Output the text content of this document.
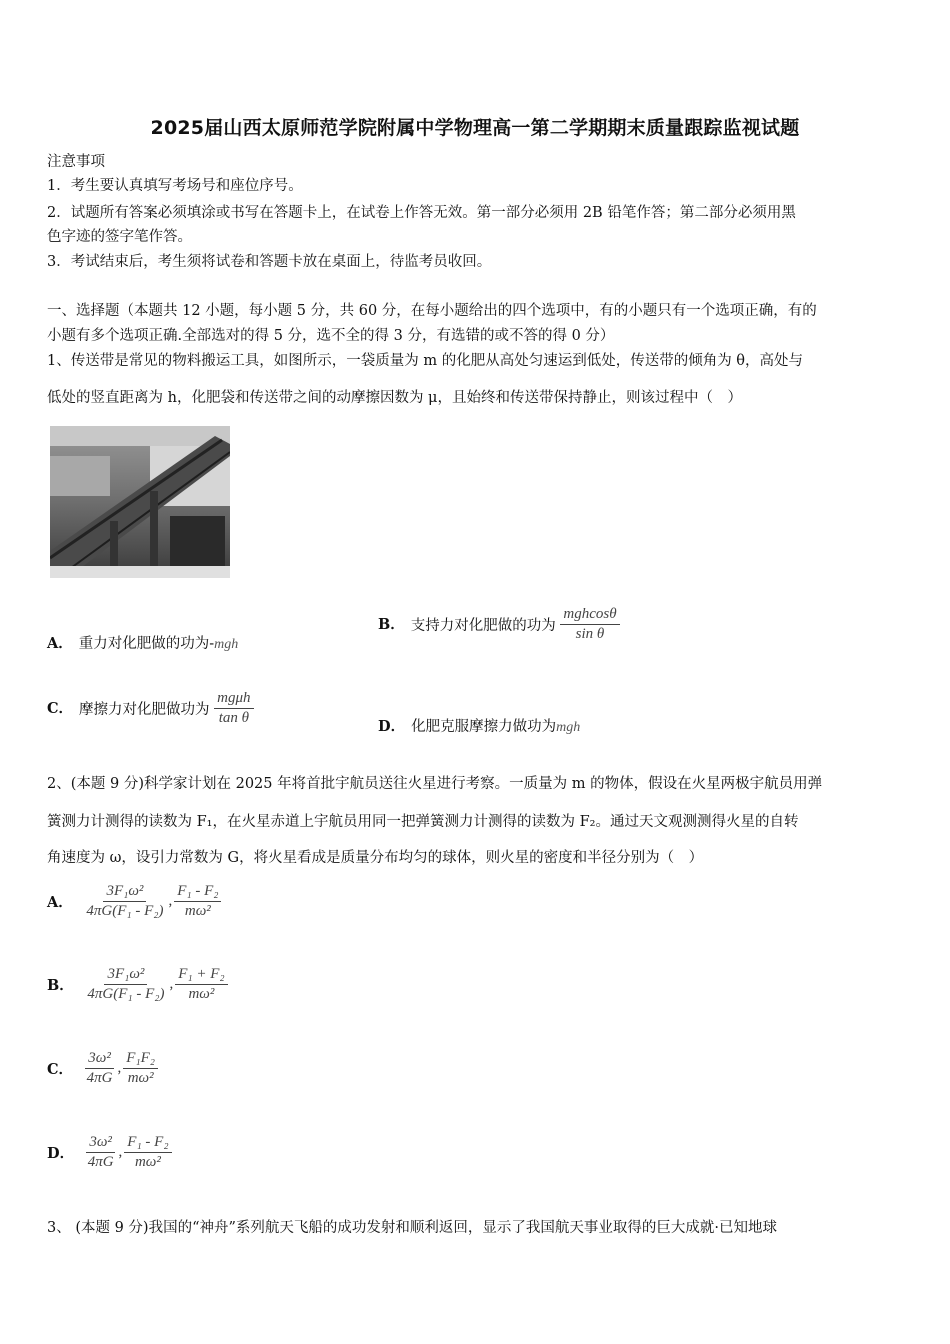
2025届山西太原师范学院附属中学物理高一第二学期期末质量跟踪监视试题
注意事项
1．考生要认真填写考场号和座位序号。
2．试题所有答案必须填涂或书写在答题卡上，在试卷上作答无效。第一部分必须用 2B 铅笔作答；第二部分必须用黑
色字迹的签字笔作答。
3．考试结束后，考生须将试卷和答题卡放在桌面上，待监考员收回。
一、选择题（本题共 12 小题，每小题 5 分，共 60 分，在每小题给出的四个选项中，有的小题只有一个选项正确，有的
小题有多个选项正确.全部选对的得 5 分，选不全的得 3 分，有选错的或不答的得 0 分）
1、传送带是常见的物料搬运工具，如图所示，一袋质量为 m 的化肥从高处匀速运到低处，传送带的倾角为 θ，高处与
低处的竖直距离为 h，化肥袋和传送带之间的动摩擦因数为 μ，且始终和传送带保持静止，则该过程中（　）
A． 重力对化肥做的功为-mgh
B． 支持力对化肥做的功为 $\frac{\text{mghcosθ}}{\text{sin θ}}$
C． 摩擦力对化肥做功为 $\frac{\text{mgμh}}{\text{tan θ}}$	D． 化肥克服摩擦力做功为mgh
2、(本题 9 分)科学家计划在 2025 年将首批宇航员送往火星进行考察。一质量为 m 的物体，假设在火星两极宇航员用弹
簧测力计测得的读数为 F₁，在火星赤道上宇航员用同一把弹簧测力计测得的读数为 F₂。通过天文观测测得火星的自转
角速度为 ω，设引力常数为 G，将火星看成是质量分布均匀的球体，则火星的密度和半径分别为（　）
A． $\frac{\text{3F₁ω²}}{\text{4πG(F₁ - F₂)}}$ , $\frac{\text{F₁ - F₂}}{\text{mω²}}$
B． $\frac{\text{3F₁ω²}}{\text{4πG(F₁ - F₂)}}$ , $\frac{\text{F₁ + F₂}}{\text{mω²}}$
C． $\frac{\text{3ω²}}{4\pi G}$ , $\frac{\text{F₁F₂}}{\text{mω²}}$
D． $\frac{\text{3ω²}}{4\pi G}$ , $\frac{\text{F₁ - F₂}}{\text{mω²}}$
3、 (本题 9 分)我国的“神舟”系列航天飞船的成功发射和顺利返回，显示了我国航天事业取得的巨大成就·已知地球
